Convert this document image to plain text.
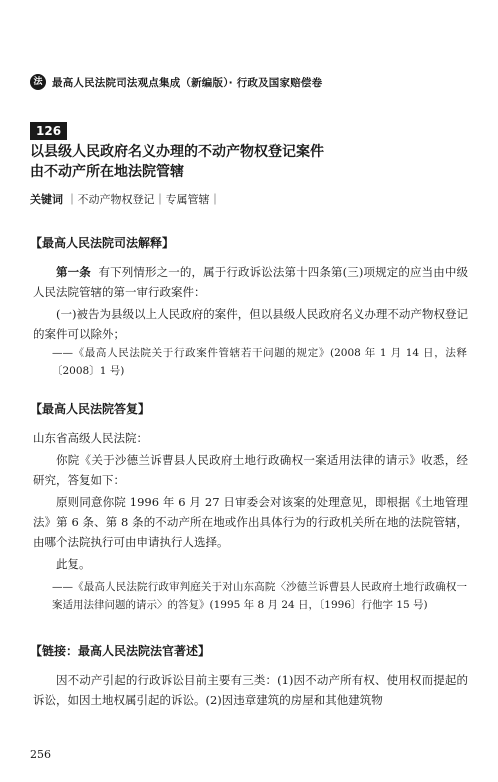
法 最高人民法院司法观点集成（新编版）· 行政及国家赔偿卷
126
以县级人民政府名义办理的不动产物权登记案件
由不动产所在地法院管辖
关键词 ｜不动产物权登记｜专属管辖｜
【最高人民法院司法解释】
第一条 有下列情形之一的，属于行政诉讼法第十四条第(三)项规定的应当由中级人民法院管辖的第一审行政案件：
(一)被告为县级以上人民政府的案件，但以县级人民政府名义办理不动产物权登记的案件可以除外；
——《最高人民法院关于行政案件管辖若干问题的规定》(2008 年 1 月 14 日，法释〔2008〕1 号)
【最高人民法院答复】
山东省高级人民法院：
你院《关于沙德兰诉曹县人民政府土地行政确权一案适用法律的请示》收悉，经研究，答复如下：
原则同意你院 1996 年 6 月 27 日审委会对该案的处理意见，即根据《土地管理法》第 6 条、第 8 条的不动产所在地或作出具体行为的行政机关所在地的法院管辖，由哪个法院执行可由申请执行人选择。
此复。
——《最高人民法院行政审判庭关于对山东高院〈沙德兰诉曹县人民政府土地行政确权一案适用法律问题的请示〉的答复》(1995 年 8 月 24 日，〔1996〕行他字 15 号)
【链接：最高人民法院法官著述】
因不动产引起的行政诉讼目前主要有三类：(1)因不动产所有权、使用权而提起的诉讼，如因土地权属引起的诉讼。(2)因违章建筑的房屋和其他建筑物
256
